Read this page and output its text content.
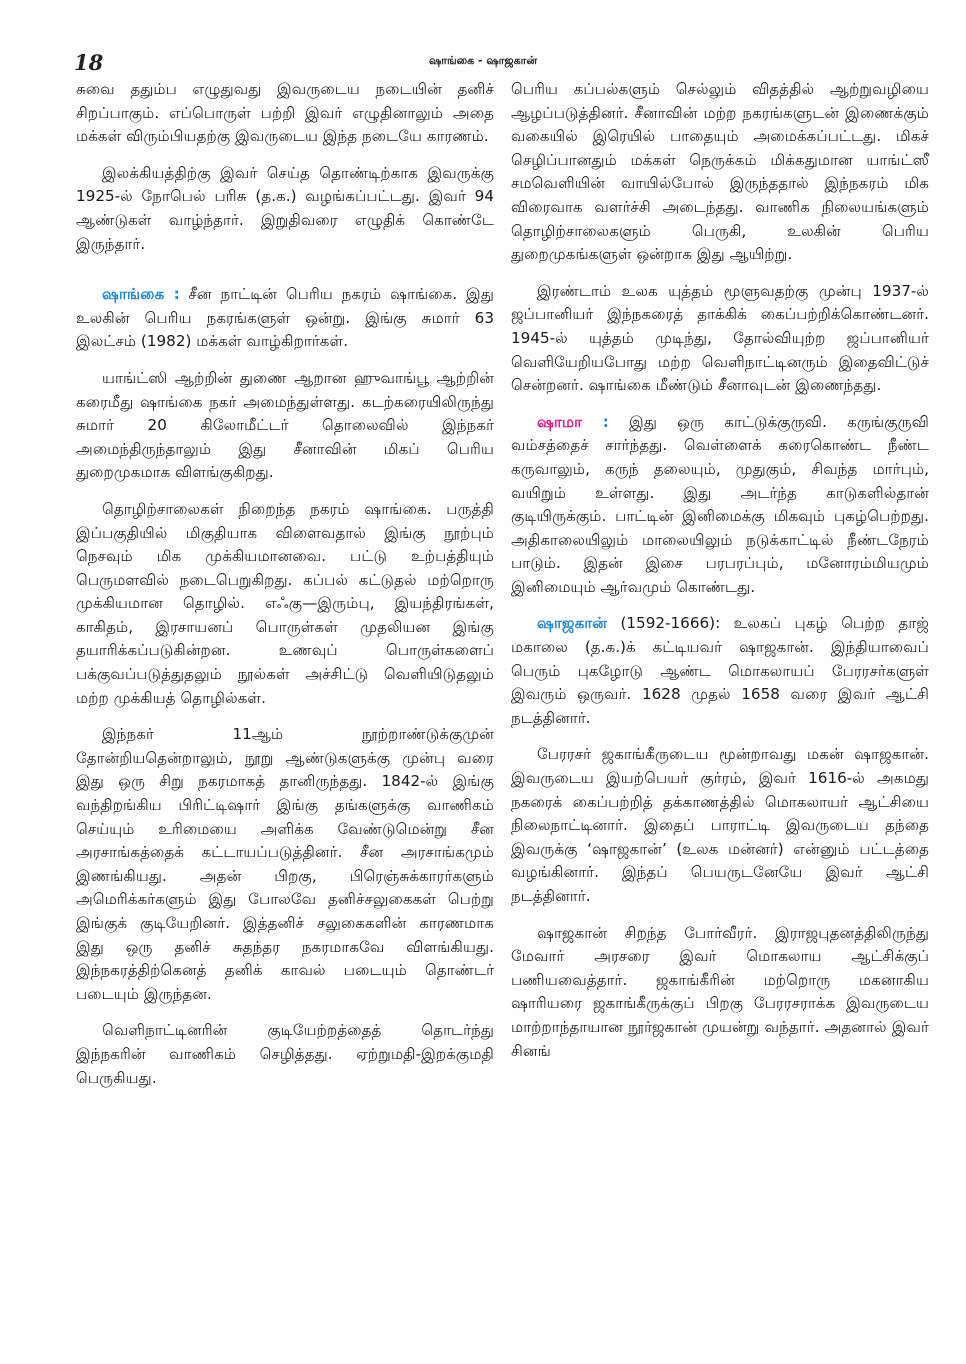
18	ஷாங்கை - ஷாஜகான்

சுவை ததும்ப எழுதுவது இவருடைய நடையின் தனிச் சிறப்பாகும். எப்பொருள் பற்றி இவர் எழுதினாலும் அதை மக்கள் விரும்பியதற்கு இவருடைய இந்த நடையே காரணம்.

இலக்கியத்திற்கு இவர் செய்த தொண்டிற்காக இவருக்கு 1925-ல் நோபெல் பரிசு (த.க.) வழங்கப்பட்டது. இவர் 94 ஆண்டுகள் வாழ்ந்தார். இறுதிவரை எழுதிக் கொண்டே இருந்தார்.

ஷாங்கை : சீன நாட்டின் பெரிய நகரம் ஷாங்கை. இது உலகின் பெரிய நகரங்களுள் ஒன்று. இங்கு சுமார் 63 இலட்சம் (1982) மக்கள் வாழ்கிறார்கள்.

யாங்ட்ஸி ஆற்றின் துணை ஆறான ஹுவாங்பூ ஆற்றின் கரைமீது ஷாங்கை நகர் அமைந்துள்ளது. கடற்கரையிலிருந்து சுமார் 20 கிலோமீட்டர் தொலைவில் இந்நகர் அமைந்திருந்தாலும் இது சீனாவின் மிகப் பெரிய துறைமுகமாக விளங்குகிறது.

தொழிற்சாலைகள் நிறைந்த நகரம் ஷாங்கை. பருத்தி இப்பகுதியில் மிகுதியாக விளைவதால் இங்கு நூற்பும் நெசவும் மிக முக்கியமானவை. பட்டு உற்பத்தியும் பெருமளவில் நடைபெறுகிறது. கப்பல் கட்டுதல் மற்றொரு முக்கியமான தொழில். எஃகு—இரும்பு, இயந்திரங்கள், காகிதம், இரசாயனப் பொருள்கள் முதலியன இங்கு தயாரிக்கப்படுகின்றன. உணவுப் பொருள்களைப் பக்குவப்படுத்துதலும் நூல்கள் அச்சிட்டு வெளியிடுதலும் மற்ற முக்கியத் தொழில்கள்.

இந்நகர் 11ஆம் நூற்றாண்டுக்குமுன் தோன்றியதென்றாலும், நூறு ஆண்டுகளுக்கு முன்பு வரை இது ஒரு சிறு நகரமாகத் தானிருந்தது. 1842-ல் இங்கு வந்திறங்கிய பிரிட்டிஷார் இங்கு தங்களுக்கு வாணிகம் செய்யும் உரிமையை அளிக்க வேண்டுமென்று சீன அரசாங்கத்தைக் கட்டாயப்படுத்தினர். சீன அரசாங்கமும் இணங்கியது. அதன் பிறகு, பிரெஞ்சுக்காரர்களும் அமெரிக்கர்களும் இது போலவே தனிச்சலுகைகள் பெற்று இங்குக் குடியேறினர். இத்தனிச் சலுகைகளின் காரணமாக இது ஒரு தனிச் சுதந்தர நகரமாகவே விளங்கியது. இந்நகரத்திற்கெனத் தனிக் காவல் படையும் தொண்டர் படையும் இருந்தன.

வெளிநாட்டினரின் குடியேற்றத்தைத் தொடர்ந்து இந்நகரின் வாணிகம் செழித்தது. ஏற்றுமதி-இறக்குமதி பெருகியது.

பெரிய கப்பல்களும் செல்லும் விதத்தில் ஆற்றுவழியை ஆழப்படுத்தினர். சீனாவின் மற்ற நகரங்களுடன் இணைக்கும் வகையில் இரெயில் பாதையும் அமைக்கப்பட்டது. மிகச் செழிப்பானதும் மக்கள் நெருக்கம் மிக்கதுமான யாங்ட்ஸீ சமவெளியின் வாயில்போல் இருந்ததால் இந்நகரம் மிக விரைவாக வளர்ச்சி அடைந்தது. வாணிக நிலையங்களும் தொழிற்சாலைகளும் பெருகி, உலகின் பெரிய துறைமுகங்களுள் ஒன்றாக இது ஆயிற்று.

இரண்டாம் உலக யுத்தம் மூளுவதற்கு முன்பு 1937-ல் ஜப்பானியர் இந்நகரைத் தாக்கிக் கைப்பற்றிக்கொண்டனர். 1945-ல் யுத்தம் முடிந்து, தோல்வியுற்ற ஜப்பானியர் வெளியேறியபோது மற்ற வெளிநாட்டினரும் இதைவிட்டுச் சென்றனர். ஷாங்கை மீண்டும் சீனாவுடன் இணைந்தது.

ஷாமா : இது ஒரு காட்டுக்குருவி. கருங்குருவி வம்சத்தைச் சார்ந்தது. வெள்ளைக் கரைகொண்ட நீண்ட கருவாலும், கருந் தலையும், முதுகும், சிவந்த மார்பும், வயிறும் உள்ளது. இது அடர்ந்த காடுகளில்தான் குடியிருக்கும். பாட்டின் இனிமைக்கு மிகவும் புகழ்பெற்றது. அதிகாலையிலும் மாலையிலும் நடுக்காட்டில் நீண்டநேரம் பாடும். இதன் இசை பரபரப்பும், மனோரம்மியமும் இனிமையும் ஆர்வமும் கொண்டது.

ஷாஜகான் (1592-1666): உலகப் புகழ் பெற்ற தாஜ் மகாலை (த.க.)க் கட்டியவர் ஷாஜகான். இந்தியாவைப் பெரும் புகழோடு ஆண்ட மொகலாயப் பேரரசர்களுள் இவரும் ஒருவர். 1628 முதல் 1658 வரை இவர் ஆட்சி நடத்தினார்.

பேரரசர் ஜகாங்கீருடைய மூன்றாவது மகன் ஷாஜகான். இவருடைய இயற்பெயர் குர்ரம், இவர் 1616-ல் அகமது நகரைக் கைப்பற்றித் தக்காணத்தில் மொகலாயர் ஆட்சியை நிலைநாட்டினார். இதைப் பாராட்டி இவருடைய தந்தை இவருக்கு ‘ஷாஜகான்’ (உலக மன்னர்) என்னும் பட்டத்தை வழங்கினார். இந்தப் பெயருடனேயே இவர் ஆட்சி நடத்தினார்.

ஷாஜகான் சிறந்த போர்வீரர். இராஜபுதனத்திலிருந்து மேவார் அரசரை இவர் மொகலாய ஆட்சிக்குப் பணியவைத்தார். ஜகாங்கீரின் மற்றொரு மகனாகிய ஷாரியரை ஜகாங்கீருக்குப் பிறகு பேரரசராக்க இவருடைய மாற்றாந்தாயான நூர்ஜகான் முயன்று வந்தார். அதனால் இவர் சினங்
